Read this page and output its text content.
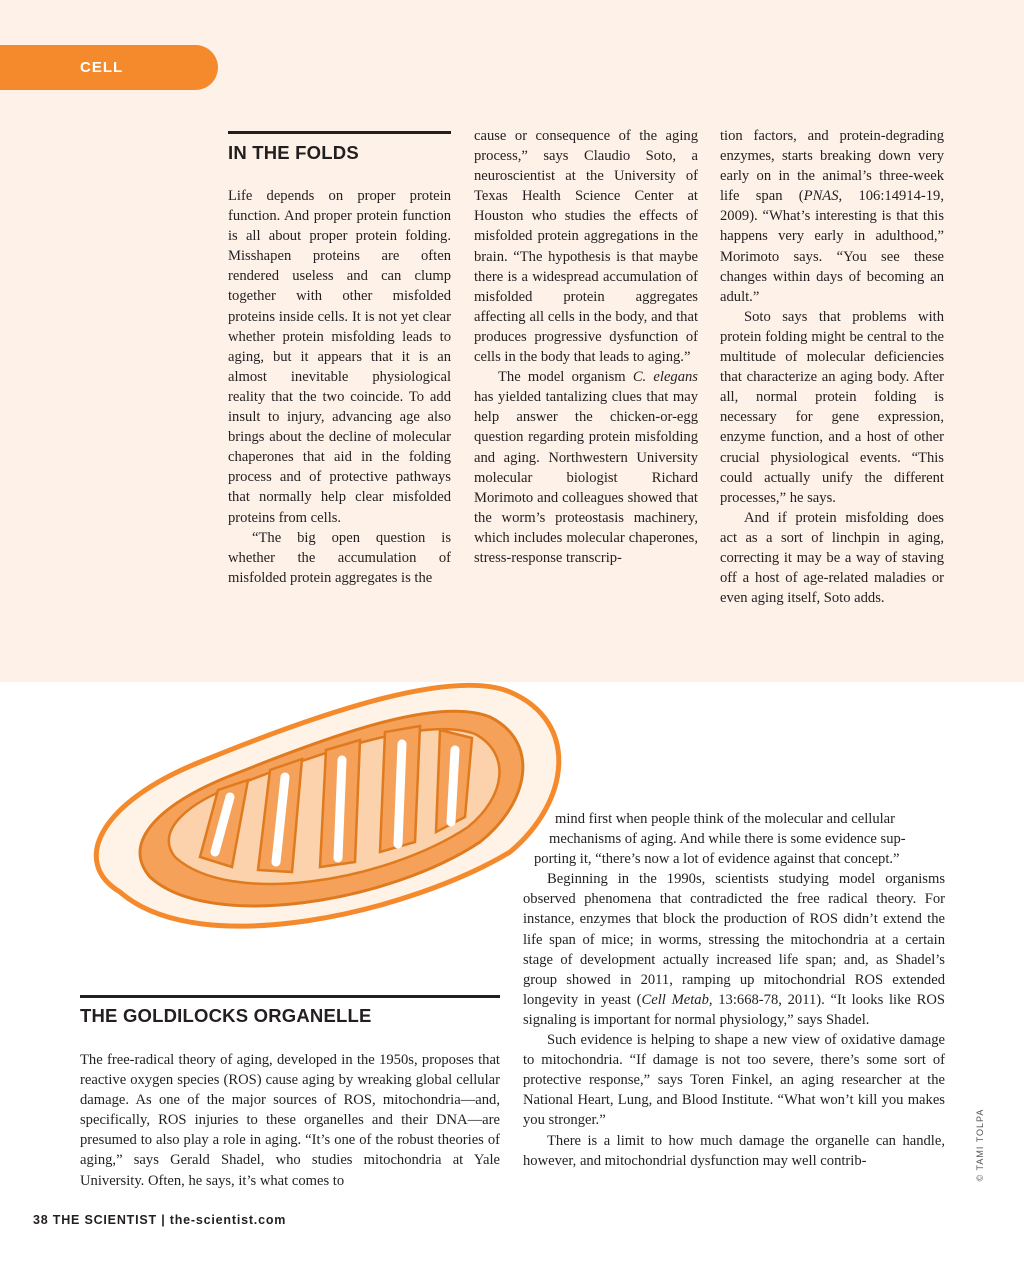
CELL
IN THE FOLDS

Life depends on proper protein function. And proper protein function is all about proper protein folding. Misshapen proteins are often rendered useless and can clump together with other misfolded proteins inside cells. It is not yet clear whether protein misfolding leads to aging, but it appears that it is an almost inevitable physiological reality that the two coincide. To add insult to injury, advancing age also brings about the decline of molecular chaperones that aid in the folding process and of protective pathways that normally help clear misfolded proteins from cells.

“The big open question is whether the accumulation of misfolded protein aggregates is the

cause or consequence of the aging process,” says Claudio Soto, a neuroscientist at the University of Texas Health Science Center at Houston who studies the effects of misfolded protein aggregations in the brain. “The hypothesis is that maybe there is a widespread accumulation of misfolded protein aggregates affecting all cells in the body, and that produces progressive dysfunction of cells in the body that leads to aging.”

The model organism C. elegans has yielded tantalizing clues that may help answer the chicken-or-egg question regarding protein misfolding and aging. Northwestern University molecular biologist Richard Morimoto and colleagues showed that the worm’s proteostasis machinery, which includes molecular chaperones, stress-response transcrip-

tion factors, and protein-degrading enzymes, starts breaking down very early on in the animal’s three-week life span (PNAS, 106:14914-19, 2009). “What’s interesting is that this happens very early in adulthood,” Morimoto says. “You see these changes within days of becoming an adult.”

Soto says that problems with protein folding might be central to the multitude of molecular deficiencies that characterize an aging body. After all, normal protein folding is necessary for gene expression, enzyme function, and a host of other crucial physiological events. “This could actually unify the different processes,” he says.

And if protein misfolding does act as a sort of linchpin in aging, correcting it may be a way of staving off a host of age-related maladies or even aging itself, Soto adds.

THE GOLDILOCKS ORGANELLE

The free-radical theory of aging, developed in the 1950s, proposes that reactive oxygen species (ROS) cause aging by wreaking global cellular damage. As one of the major sources of ROS, mitochondria—and, specifically, ROS injuries to these organelles and their DNA—are presumed to also play a role in aging. “It’s one of the robust theories of aging,” says Gerald Shadel, who studies mitochondria at Yale University. Often, he says, it’s what comes to

mind first when people think of the molecular and cellular
mechanisms of aging. And while there is some evidence sup-
porting it, “there’s now a lot of evidence against that concept.”

Beginning in the 1990s, scientists studying model organisms observed phenomena that contradicted the free radical theory. For instance, enzymes that block the production of ROS didn’t extend the life span of mice; in worms, stressing the mitochondria at a certain stage of development actually increased life span; and, as Shadel’s group showed in 2011, ramping up mitochondrial ROS extended longevity in yeast (Cell Metab, 13:668-78, 2011). “It looks like ROS signaling is important for normal physiology,” says Shadel.

Such evidence is helping to shape a new view of oxidative damage to mitochondria. “If damage is not too severe, there’s some sort of protective response,” says Toren Finkel, an aging researcher at the National Heart, Lung, and Blood Institute. “What won’t kill you makes you stronger.”

There is a limit to how much damage the organelle can handle, however, and mitochondrial dysfunction may well contrib-

38 THE SCIENTIST | the-scientist.com
© TAMI TOLPA
